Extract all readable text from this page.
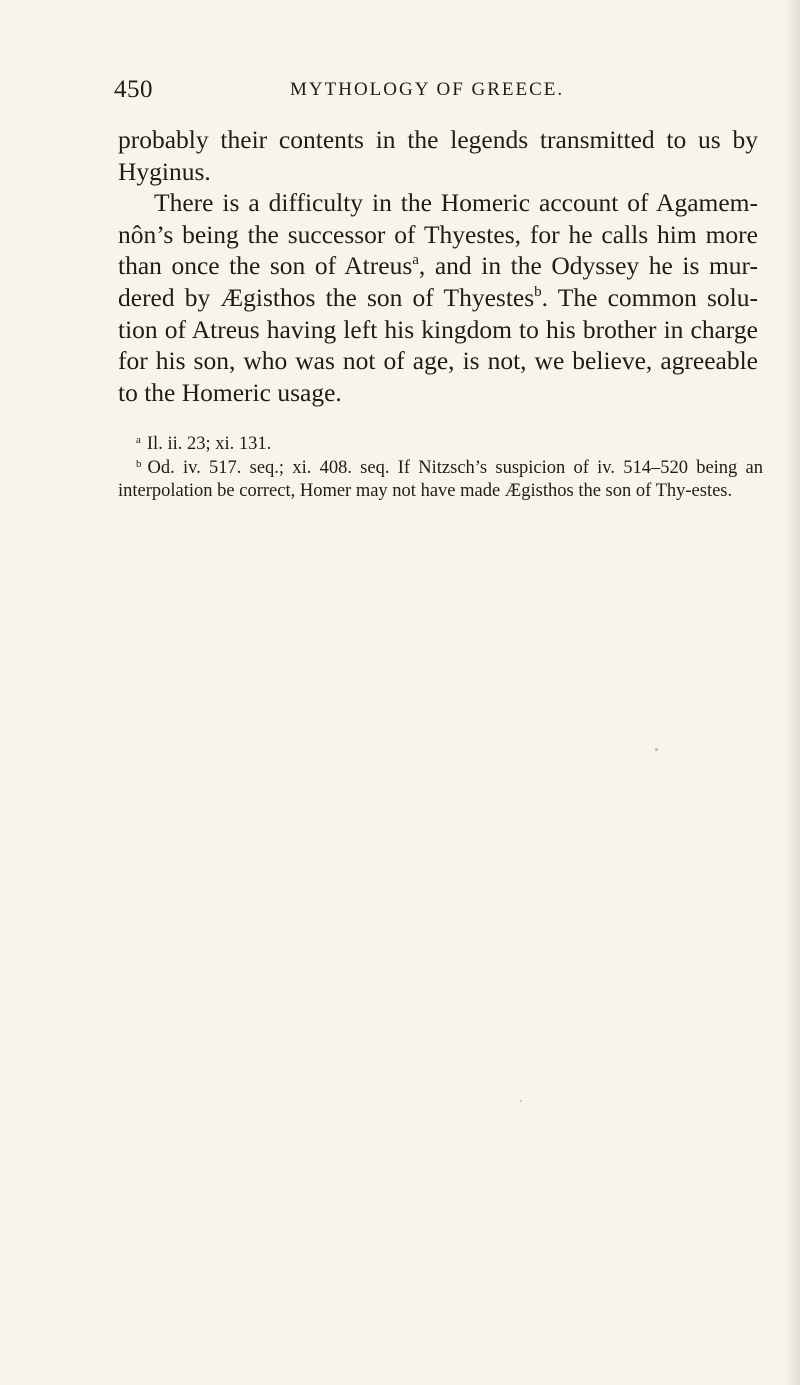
450	MYTHOLOGY OF GREECE.

probably their contents in the legends transmitted to us by Hyginus.

There is a difficulty in the Homeric account of Agamem-nôn’s being the successor of Thyestes, for he calls him more than once the son of Atreus$^a$, and in the Odyssey he is mur-dered by Ægisthos the son of Thyestes$^b$. The common solu-tion of Atreus having left his kingdom to his brother in charge for his son, who was not of age, is not, we believe, agreeable to the Homeric usage.

$^a$ Il. ii. 23; xi. 131.

$^b$ Od. iv. 517. seq.; xi. 408. seq. If Nitzsch’s suspicion of iv. 514–520 being an interpolation be correct, Homer may not have made Ægisthos the son of Thy-estes.
